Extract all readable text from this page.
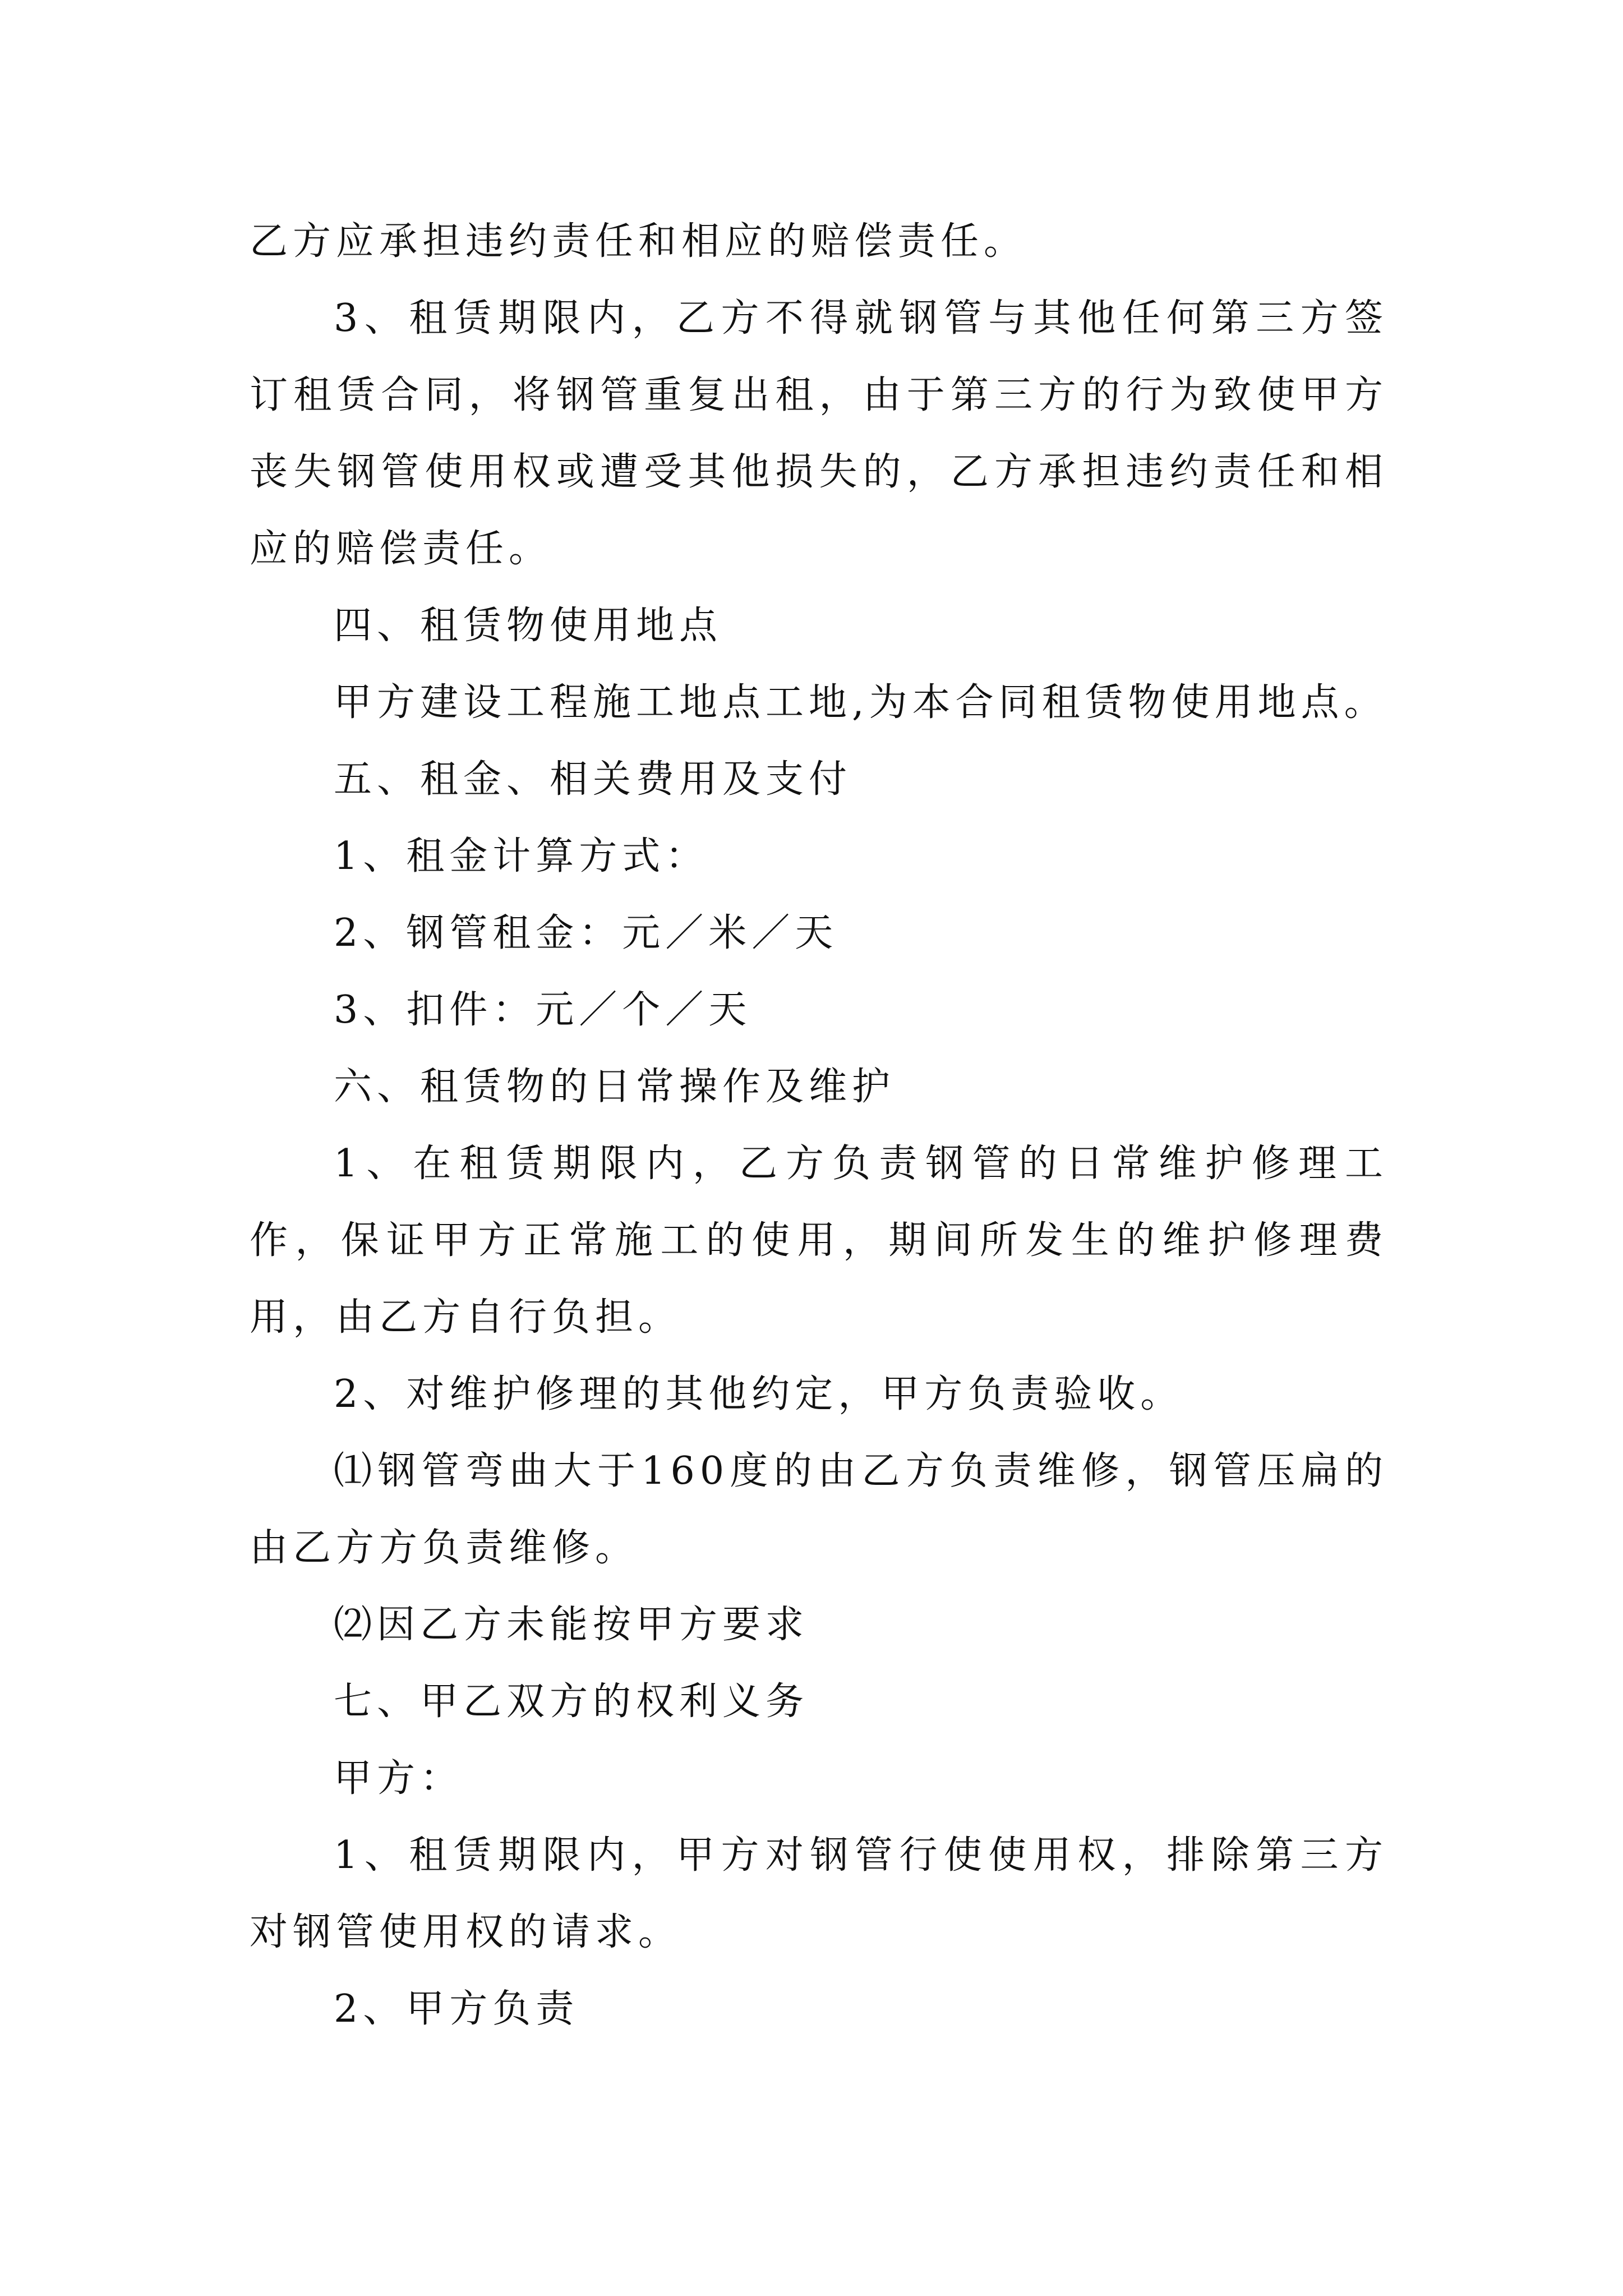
乙方应承担违约责任和相应的赔偿责任。

3、租赁期限内，乙方不得就钢管与其他任何第三方签订租赁合同，将钢管重复出租，由于第三方的行为致使甲方丧失钢管使用权或遭受其他损失的，乙方承担违约责任和相应的赔偿责任。

四、租赁物使用地点

甲方建设工程施工地点工地,为本合同租赁物使用地点。

五、租金、相关费用及支付

1、租金计算方式：

2、钢管租金：元／米／天

3、扣件：元／个／天

六、租赁物的日常操作及维护

1、在租赁期限内，乙方负责钢管的日常维护修理工作，保证甲方正常施工的使用，期间所发生的维护修理费用，由乙方自行负担。

2、对维护修理的其他约定，甲方负责验收。

⑴钢管弯曲大于160度的由乙方负责维修，钢管压扁的由乙方方负责维修。

⑵因乙方未能按甲方要求

七、甲乙双方的权利义务

甲方：

1、租赁期限内，甲方对钢管行使使用权，排除第三方对钢管使用权的请求。

2、甲方负责
